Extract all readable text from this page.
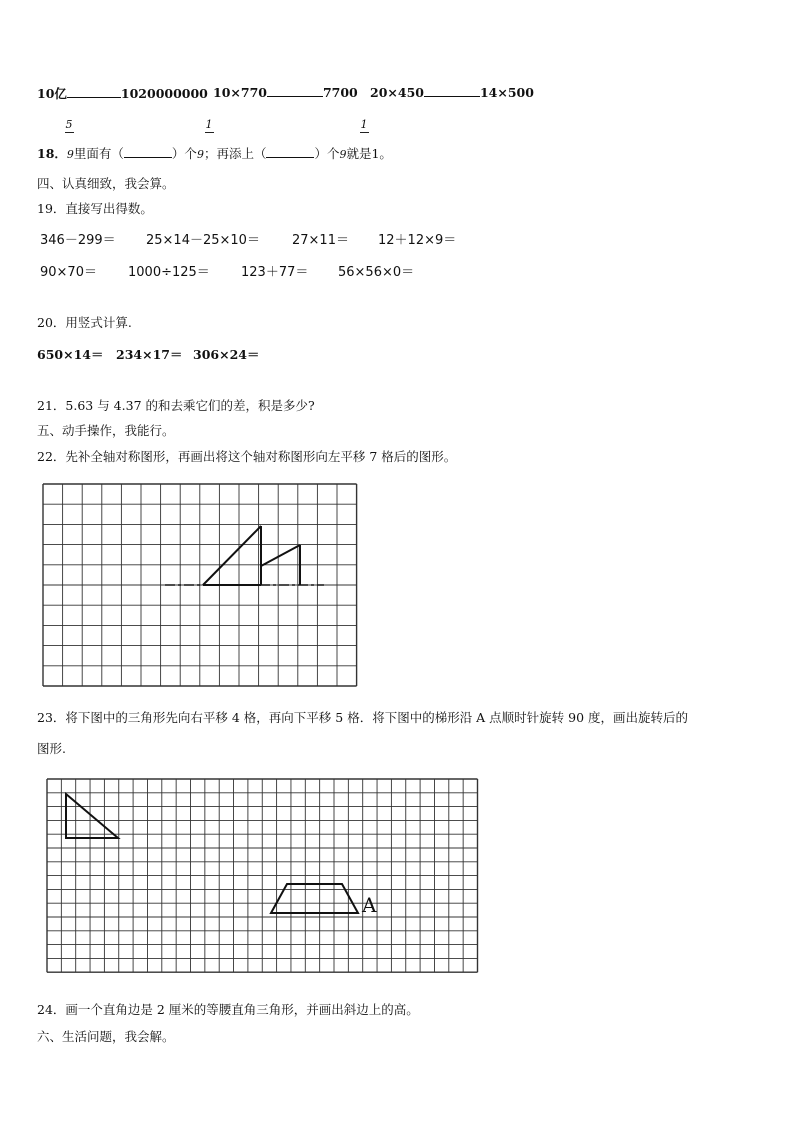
10亿	1020000000 10×770	7700 20×450	14×500
5	1	1
18．9里面有（	）个9；再添上（	）个9就是1。
四、认真细致，我会算。
19．直接写出得数。
346－299＝ 25×14－25×10＝ 27×11＝ 12＋12×9＝
90×70＝ 1000÷125＝ 123＋77＝ 56×56×0＝
20．用竖式计算.
650×14＝ 234×17＝ 306×24＝
21．5.63 与 4.37 的和去乘它们的差，积是多少?
五、动手操作，我能行。
22．先补全轴对称图形，再画出将这个轴对称图形向左平移 7 格后的图形。
23．将下图中的三角形先向右平移 4 格，再向下平移 5 格．将下图中的梯形沿 A 点顺时针旋转 90 度，画出旋转后的
图形.
A
24．画一个直角边是 2 厘米的等腰直角三角形，并画出斜边上的高。
六、生活问题，我会解。
